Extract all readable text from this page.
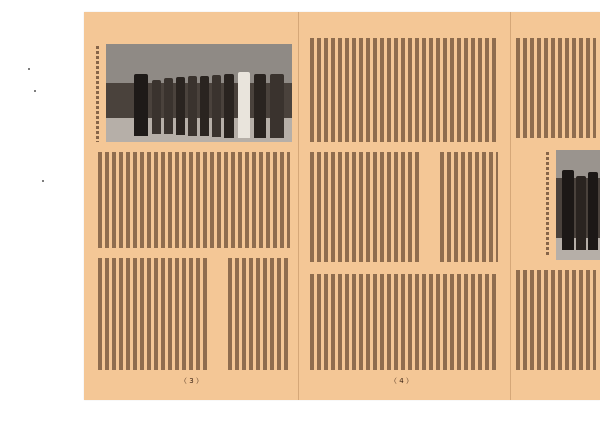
（ 3 ）	（ 4 ）
